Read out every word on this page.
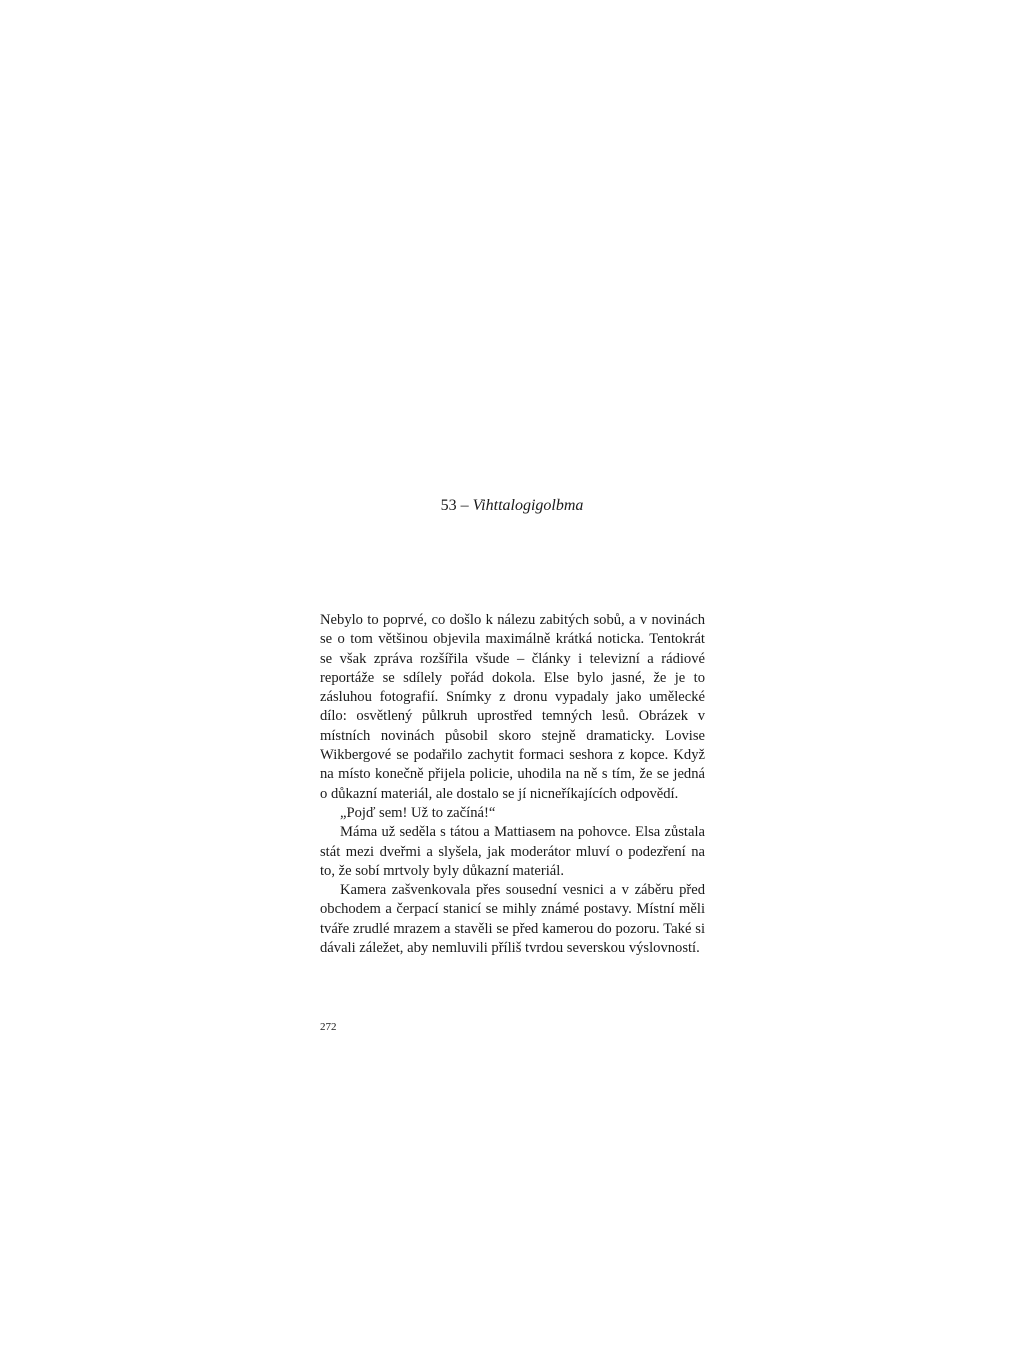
53 – Vihttalogigolbma

Nebylo to poprvé, co došlo k nálezu zabitých sobů, a v novinách se o tom většinou objevila maximálně krátká noticka. Tentokrát se však zpráva rozšířila všude – články i televizní a rádiové reportáže se sdílely pořád dokola. Else bylo jasné, že je to zásluhou fotografií. Snímky z dronu vypadaly jako umělecké dílo: osvětlený půlkruh uprostřed temných lesů. Obrázek v místních novinách působil skoro stejně dramaticky. Lovise Wikbergové se podařilo zachytit formaci seshora z kopce. Když na místo konečně přijela policie, uhodila na ně s tím, že se jedná o důkazní materiál, ale dostalo se jí nicneříkajících odpovědí.

„Pojď sem! Už to začíná!“

Máma už seděla s tátou a Mattiasem na pohovce. Elsa zůstala stát mezi dveřmi a slyšela, jak moderátor mluví o podezření na to, že sobí mrtvoly byly důkazní materiál.

Kamera zašvenkovala přes sousední vesnici a v záběru před obchodem a čerpací stanicí se mihly známé postavy. Místní měli tváře zrudlé mrazem a stavěli se před kamerou do pozoru. Také si dávali záležet, aby nemluvili příliš tvrdou severskou výslovností.

272
